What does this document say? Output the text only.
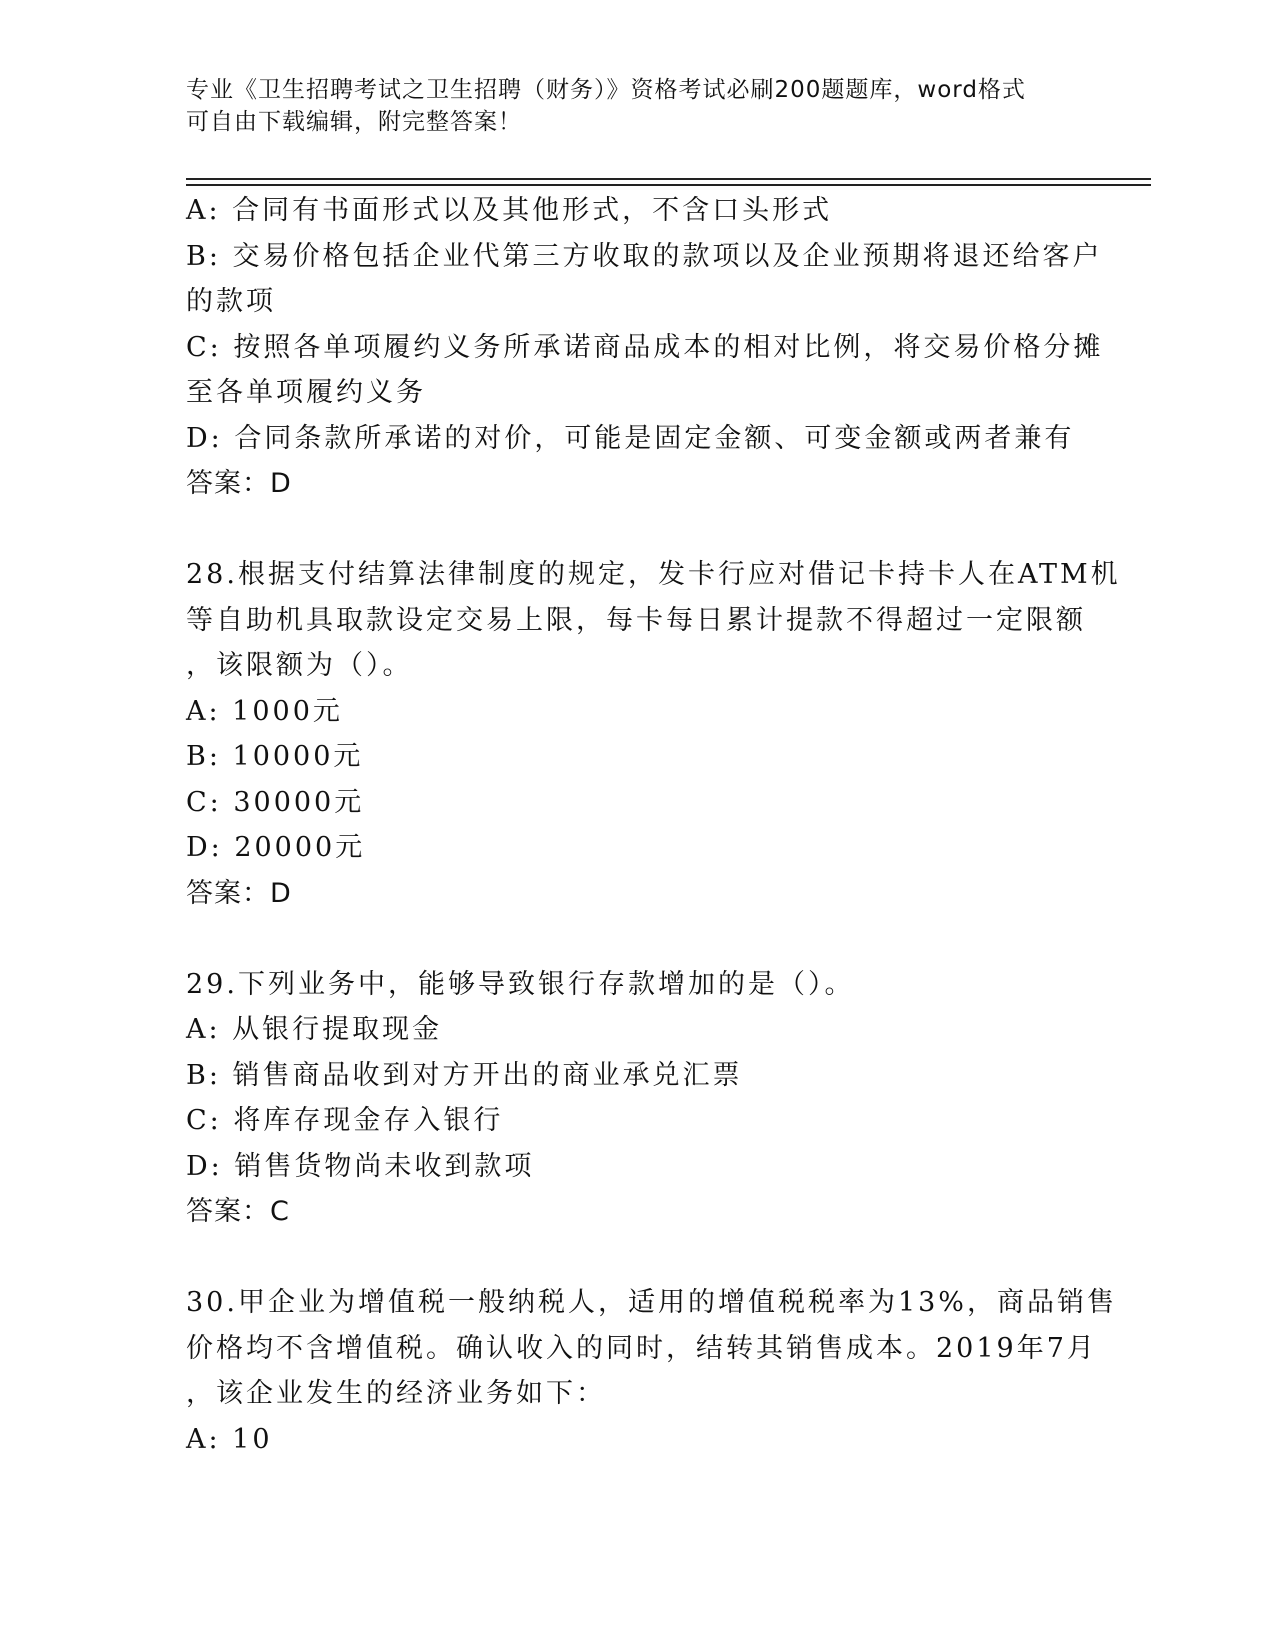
专业《卫生招聘考试之卫生招聘（财务）》资格考试必刷200题题库，word格式
可自由下载编辑，附完整答案！
A: 合同有书面形式以及其他形式，不含口头形式
B: 交易价格包括企业代第三方收取的款项以及企业预期将退还给客户
的款项
C: 按照各单项履约义务所承诺商品成本的相对比例，将交易价格分摊
至各单项履约义务
D: 合同条款所承诺的对价，可能是固定金额、可变金额或两者兼有
答案：D
28.根据支付结算法律制度的规定，发卡行应对借记卡持卡人在ATM机
等自助机具取款设定交易上限，每卡每日累计提款不得超过一定限额
，该限额为（）。
A: 1000元
B: 10000元
C: 30000元
D: 20000元
答案：D
29.下列业务中，能够导致银行存款增加的是（）。
A: 从银行提取现金
B: 销售商品收到对方开出的商业承兑汇票
C: 将库存现金存入银行
D: 销售货物尚未收到款项
答案：C
30.甲企业为增值税一般纳税人，适用的增值税税率为13%，商品销售
价格均不含增值税。确认收入的同时，结转其销售成本。2019年7月
，该企业发生的经济业务如下：
A: 10
